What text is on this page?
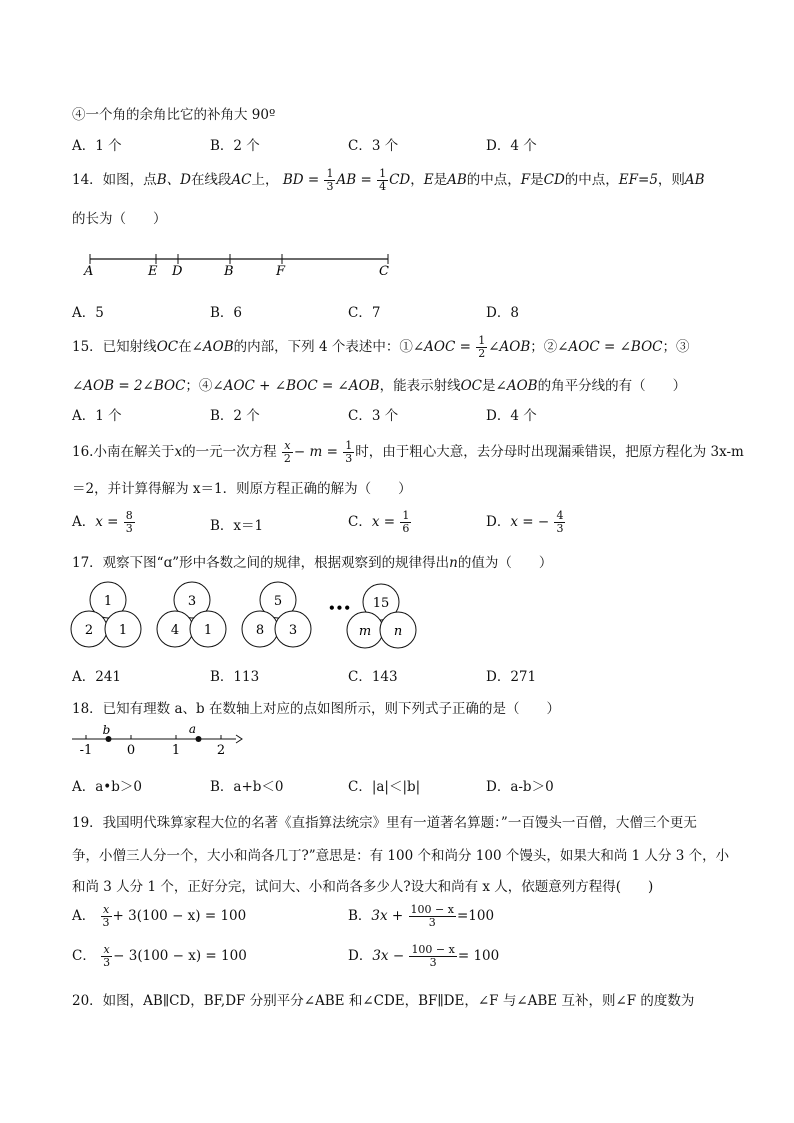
④一个角的余角比它的补角大 90º
A．1 个	B．2 个	C．3 个	D．4 个
14．如图，点B、D在线段AC上， BD = $\frac{1}{3}$ AB = $\frac{1}{4}$ CD，E是AB的中点，F是CD的中点，EF=5，则AB
的长为（　　）
A	E D	B	F	C
A．5	B．6	C．7	D．8
15．已知射线OC在∠AOB的内部，下列 4 个表述中：①∠AOC = $\frac{1}{2}$ ∠AOB；②∠AOC = ∠BOC；③
∠AOB = 2∠BOC；④∠AOC + ∠BOC = ∠AOB，能表示射线OC是∠AOB的角平分线的有（　　）
A．1 个	B．2 个	C．3 个	D．4 个
16.小南在解关于x的一元一次方程 $\frac{x}{2} - m = \frac{1}{3}$ 时，由于粗心大意，去分母时出现漏乘错误，把原方程化为 3x-m
＝2，并计算得解为 x＝1．则原方程正确的解为（　　）
A．$x = \frac{8}{3}$	B．x＝1	C．$x = \frac{1}{6}$	D．x = − $\frac{4}{3}$
17．观察下图“ɑ”形中各数之间的规律，根据观察到的规律得出n的值为（　　）
1
2 1
3
4 1
5
8 3
••• 15
m n
A．241	B．113	C．143	D．271
18．已知有理数 a、b 在数轴上对应的点如图所示，则下列式子正确的是（　　）
-1	0	1	2
b	a
A．a•b＞0	B．a+b＜0	C．|a|＜|b|	D．a-b＞0
19．我国明代珠算家程大位的名著《直指算法统宗》里有一道著名算题：”一百馒头一百僧，大僧三个更无
争，小僧三人分一个，大小和尚各几丁?”意思是：有 100 个和尚分 100 个馒头，如果大和尚 1 人分 3 个，小
和尚 3 人分 1 个，正好分完，试问大、小和尚各多少人?设大和尚有 x 人，依题意列方程得(　　)
A． $\frac{x}{3} + 3(100 - x) = 100$	B．$3x + \frac{100 - x}{3} =100$
C． $\frac{x}{3} - 3(100 - x) = 100$	D．$3x - \frac{100 - x}{3} = 100$
20．如图，AB∥CD，BF,DF 分别平分∠ABE 和∠CDE，BF∥DE，∠F 与∠ABE 互补，则∠F 的度数为
